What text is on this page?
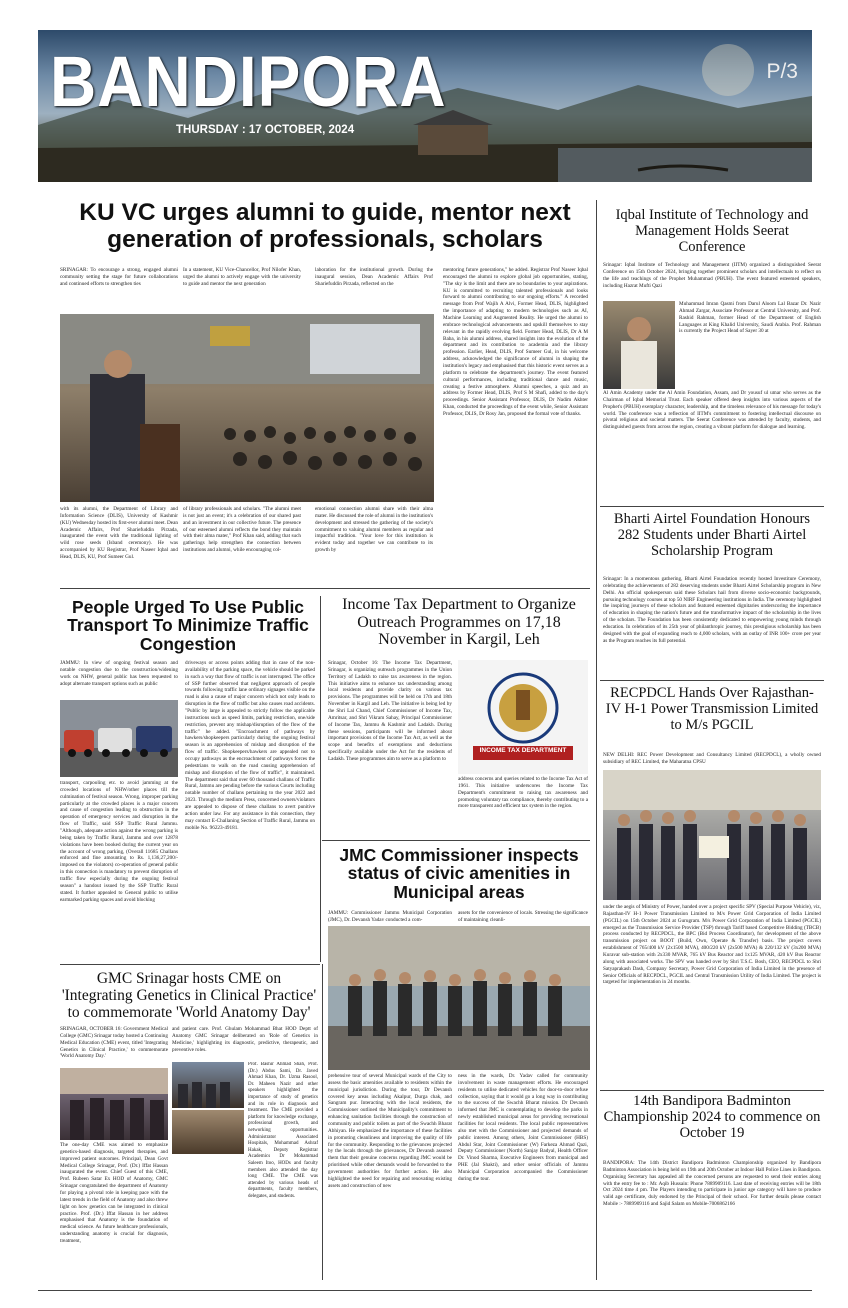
BANDIPORA
THURSDAY : 17 OCTOBER, 2024
P/3
KU VC urges alumni to guide, mentor next generation of professionals, scholars
SRINAGAR: To encourage a strong, engaged alumni community setting the stage for future collaborations and continued efforts to strengthen ties
In a statement, KU Vice-Chancellor, Prof Nilofer Khan, urged the alumni to actively engage with the university to guide and mentor the next generation
laboration for the institutional growth. During the inaugural session, Dean Academic Affairs Prof Shariefuddin Pirzada, reflected on the
mentoring future generations," he added. Registrar Prof Naseer Iqbal encouraged the alumni to explore global job opportunities, stating, "The sky is the limit and there are no boundaries to your aspirations. KU is committed to recruiting talented professionals and looks forward to alumni contributing to our ongoing efforts." A recorded message from Prof Wajih A Alvi, Former Head, DLIS, highlighted the importance of adapting to modern technologies such as AI, Machine Learning and Augmented Reality. He urged the alumni to embrace technological advancements and upskill themselves to stay relevant in the rapidly evolving field. Former Head, DLIS, Dr A M Baba, in his alumni address, shared insights into the evolution of the department and its contribution to academia and the library profession. Earlier, Head, DLIS, Prof Sumeer Gul, in his welcome address, acknowledged the significance of alumni in shaping the institution's legacy and emphasised that this historic event serves as a platform to celebrate the department's journey. The event featured cultural performances, including traditional dance and music, creating a festive atmosphere. Alumni speeches, a quiz and an address by Former Head, DLIS, Prof S M Shafi, added to the day's proceedings. Senior Assistant Professor, DLIS, Dr Nadim Akhter Khan, conducted the proceedings of the event while, Senior Assistant Professor, DLIS, Dr Rosy Jan, proposed the formal vote of thanks.
with its alumni, the Department of Library and Information Science (DLIS), University of Kashmir (KU) Wednesday hosted its first-ever alumni meet. Dean Academic Affairs, Prof Shariefuddin Pirzada, inaugurated the event with the traditional lighting of wild rose seeds (Isband ceremony). He was accompanied by KU Registrar, Prof Naseer Iqbal and Head, DLIS, KU, Prof Sumeer Gul.
of library professionals and scholars. "The alumni meet is not just an event; it's a celebration of our shared past and an investment in our collective future. The presence of our esteemed alumni reflects the bond they maintain with their alma mater," Prof Khan said, adding that such gatherings help strengthen the connection between institutions and alumni, while encouraging col-
emotional connection alumni share with their alma mater. He discussed the role of alumni in the institution's development and stressed the gathering of the society's commitment to valuing alumni members as regular and impactful tradition. "Your love for this institution is evident today and together we can contribute to its growth by
People Urged To Use Public Transport To Minimize Traffic Congestion
JAMMU: In view of ongoing festival season and notable congestion due to the construction/widening work on NHW, general public has been requested to adopt alternate transport options such as public
transport, carpooling etc. to avoid jamming at the crowded locations of NHW/other places till the culmination of festival season. Wrong, improper parking particularly at the crowded places is a major concern and cause of congestion leading to obstruction in the operation of emergency services and disruption in the flow of Traffic, said SSP Traffic Rural Jammu. "Although, adequate action against the wrong parking is being taken by Traffic Rural, Jammu and over 12878 violations have been booked during the current year on the account of wrong parking, (Overall 11685 Challans enforced and fine amounting to Rs. 1,136,27,200/- imposed on the violators) co-operation of general public in this connection is mandatory to prevent disruption of traffic flow especially during the ongoing festival season" a handout issued by the SSP Traffic Rural stated. It further appealed to General public to utilise earmarked parking spaces and avoid blocking
driveways or access points adding that in case of the non-availability of the parking space, the vehicle should be parked in such a way that flow of traffic is not interrupted. The office of SSP further observed that negligent approach of people towards following traffic lane ordinary signages visible on the road is also a cause of major concern which not only leads to disruption in the flow of traffic but also causes road accidents. "Public by large is appealed to strictly follow the applicable instructions such as speed limits, parking restriction, one/side restriction, prevent any mishap/disruption of the flow of the traffic" he added. "Encroachment of pathways by hawkers/shopkeepers particularly during the ongoing festival season is an apprehension of mishap and disruption of the flow of traffic. Shopkeepers/hawkers are appealed not to occupy pathways as the encroachment of pathways forces the pedestrians to walk on the road causing apprehension of mishap and disruption of the flow of traffic", it maintained. The department said that over 60 thousand challans of Traffic Rural, Jammu are pending before the various Courts including notable number of challans pertaining to the year 2022 and 2023. Through the medium Press, concerned owners/violators are appealed to dispose of these challans to avert punitive action under law. For any assistance in this connection, they may contact E-Challaning Section of Traffic Rural, Jammu on mobile No. 96223-49181.
Income Tax Department to Organize Outreach Programmes on 17,18 November in Kargil, Leh
Srinagar, October 16: The Income Tax Department, Srinagar, is organizing outreach programmes in the Union Territory of Ladakh to raise tax awareness in the region. This initiative aims to enhance tax understanding among local residents and provide clarity on various tax provisions. The programmes will be held on 17th and 18th November in Kargil and Leh. The initiative is being led by the Shri Lal Chand, Chief Commissioner of Income Tax, Amritsar, and Shri Vikram Sahay, Principal Commissioner of Income Tax, Jammu & Kashmir and Ladakh. During these sessions, participants will be informed about important provisions of the Income Tax Act, as well as the scope and benefits of exemptions and deductions specifically available under the Act for the residents of Ladakh. These programmes aim to serve as a platform to
INCOME TAX DEPARTMENT
address concerns and queries related to the Income Tax Act of 1961. This initiative underscores the Income Tax Department's commitment to raising tax awareness and promoting voluntary tax compliance, thereby contributing to a more transparent and efficient tax system in the region.
JMC Commissioner inspects status of civic amenities in Municipal areas
JAMMU: Commissioner Jammu Municipal Corporation (JMC), Dr. Devansh Yadav conducted a com-
assets for the convenience of locals. Stressing the significance of maintaining cleanli-
prehensive tour of several Municipal wards of the City to assess the basic amenities available to residents within the municipal jurisdiction. During the tour, Dr Devansh covered key areas including Akalpur, Durga chak, and Sangram pur. Interacting with the local residents, the Commissioner outlined the Municipality's commitment to enhancing sanitation facilities through the construction of community and public toilets as part of the Swachh Bharat Abhiyan. He emphasized the importance of these facilities in promoting cleanliness and improving the quality of life for the community. Responding to the grievances projected by the locals through the grievances, Dr Devansh assured them that their genuine concerns regarding JMC would be prioritised while other demands would be forwarded to the government authorities for further action. He also highlighted the need for repairing and renovating existing assets and construction of new
ness in the wards, Dr. Yadav called for community involvement in waste management efforts. He encouraged residents to utilise dedicated vehicles for door-to-door refuse collection, saying that it would go a long way in contributing to the success of the Swachh Bharat mission. Dr Devansh informed that JMC is contemplating to develop the parks in newly established municipal areas for providing recreational facilities for local residents. The local public representatives also met with the Commissioner and projected demands of public interest. Among others, Joint Commissioner (HBS) Abdul Star, Joint Commissioner (W) Farkeza Ahmad Qazi, Deputy Commissioner (North) Sanjay Badyal, Health Officer Dr. Vinod Sharma, Executive Engineers from municipal and PHE (Jal Shakti), and other senior officials of Jammu Municipal Corporation accompanied the Commissioner during the tour.
GMC Srinagar hosts CME on 'Integrating Genetics in Clinical Practice' to commemorate 'World Anatomy Day'
SRINAGAR, OCTOBER 16: Government Medical College (GMC) Srinagar today hosted a Continuing Medical Education (CME) event, titled 'Integrating Genetics in Clinical Practice,' to commemorate 'World Anatomy Day.'
The one-day CME was aimed to emphasize genetics-based diagnosis, targeted therapies, and improved patient outcomes. Principal, Dean Govt Medical College Srinagar, Prof. (Dr.) Iffat Hassan inaugurated the event. Chief Guest of this CME, Prof. Rubeen Satar Ex HOD of Anatomy, GMC Srinagar congratulated the department of Anatomy for playing a pivotal role in keeping pace with the latest trends in the field of Anatomy and also threw light on how genetics can be integrated in clinical practice. Prof. (Dr.) Iffat Hassan in her address emphasised that Anatomy is the foundation of medical science. As future healthcare professionals, understanding anatomy is crucial for diagnosis, treatment,
and patient care. Prof. Ghulam Mohammad Bhat HOD Deptt of Anatomy GMC Srinagar deliberated on 'Role of Genetics in Medicine,' highlighting its diagnostic, predictive, therapeutic, and preventive roles.
Prof. Bashir Ahmad Shah, Prof. (Dr.) Abdus Sami, Dr. Javed Ahmad Khan, Dr. Uzma Rasool, Dr. Maheen Nazir and other speakers highlighted the importance of study of genetics and its role in diagnosis and treatment. The CME provided a platform for knowledge exchange, professional growth, and networking opportunities. Administrator Associated Hospitals, Mohammad Ashraf Hakak, Deputy Registrar Academics Dr Mohammad Saleem Itoo, HODs and faculty members also attended the day long CME. The CME was attended by various heads of departments, faculty members, delegates, and students.
Iqbal Institute of Technology and Management Holds Seerat Conference
Srinagar: Iqbal Institute of Technology and Management (IITM) organized a distinguished Seerat Conference on 15th October 2024, bringing together prominent scholars and intellectuals to reflect on the life and teachings of the Prophet Muhammad (PBUH). The event featured esteemed speakers, including Hazrat Mufti Qazi
Muhammad Imran Qasmi from Darul Aloom Lal Bazar Dr. Nazir Ahmad Zargar, Associate Professor at Central University, and Prof. Rashid Rahman, former Head of the Department of English Languages at King Khalid University, Saudi Arabia. Prof. Rahman is currently the Project Head of Sayer 30 at
Al Amin Academy under the Al Amin Foundation, Assam, and Dr yousuf ul umar who serves as the Chairman of Iqbal Memorial Trust. Each speaker offered deep insights into various aspects of the Prophet's (PBUH) exemplary character, leadership, and the timeless relevance of his message for today's world. The conference was a reflection of IITM's commitment to fostering intellectual discourse on pivotal religious and societal matters. The Seerat Conference was attended by faculty, students, and distinguished guests from across the region, creating a vibrant platform for dialogue and learning.
Bharti Airtel Foundation Honours 282 Students under Bharti Airtel Scholarship Program
Srinagar: In a momentous gathering, Bharti Airtel Foundation recently hosted Investiture Ceremony, celebrating the achievements of 282 deserving students under Bharti Airtel Scholarship program in New Delhi. An official spokesperson said these Scholars hail from diverse socio-economic backgrounds, pursuing technology courses at top 50 NIRF Engineering institutions in India. The ceremony highlighted the inspiring journeys of these scholars and featured esteemed dignitaries underscoring the importance of education in shaping the nation's future and the transformative impact of the scholarship in the lives of the scholars. The Foundation has been consistently dedicated to empowering young minds through education. In celebration of its 25th year of philanthropic journey, this prestigious scholarship has been designed with the goal of expanding reach to 4,000 scholars, with an outlay of INR 100+ crore per year as the Program reaches its full potential.
RECPDCL Hands Over Rajasthan-IV H-1 Power Transmission Limited to M/s PGCIL
NEW DELHI: REC Power Development and Consultancy Limited (RECPDCL), a wholly owned subsidiary of REC Limited, the Maharatna CPSU
under the aegis of Ministry of Power, handed over a project specific SPV (Special Purpose Vehicle), viz, Rajasthan-IV H-1 Power Transmission Limited to M/s Power Grid Corporation of India Limited (PGCIL) on 15th October 2024 at Gurugram. M/s Power Grid Corporation of India Limited (PGCIL) emerged as the Transmission Service Provider (TSP) through Tariff based Competitive Bidding (TBCB) process conducted by RECPDCL, the BPC (Bid Process Coordinator), for development of the above transmission project on BOOT (Build, Own, Operate & Transfer) basis. The project covers establishment of 765/400 kV (2x1500 MVA), 400/220 kV (2x500 MVA) & 220/132 kV (3x200 MVA) Kuravar sub-station with 2x330 MVAR, 765 kV Bus Reactor and 1x125 MVAR, 420 kV Bus Reactor along with associated works. The SPV was handed over by Shri T.S.C. Bosh, CEO, RECPDCL to Shri Satyaprakash Dash, Company Secretary, Power Grid Corporation of India Limited in the presence of Senior Officials of RECPDCL, PGCIL and Central Transmission Utility of India Limited. The project is targeted for implementation in 24 months.
14th Bandipora Badminton Championship 2024 to commence on October 19
BANDIPORA: The 14th District Bandipora Badminton Championship organized by Bandipora Badminton Association is being held on 19th and 20th October at Indoor Hall Police Lines in Bandipora. Organising Secretary has appealed all the concerned persons are requested to send their entries along with the entry fee to : Mr. Aqib Hussain: Phone 7889909116. Last date of receiving entries will be 18th Oct 2024 time 4 pm. The Players intending to participate in junior age category will have to produce valid age certificate, duly endorsed by the Principal of their school. For further details please contact Mobile :- 7889909116 and Sajid Salam on Mobile-7006862166
